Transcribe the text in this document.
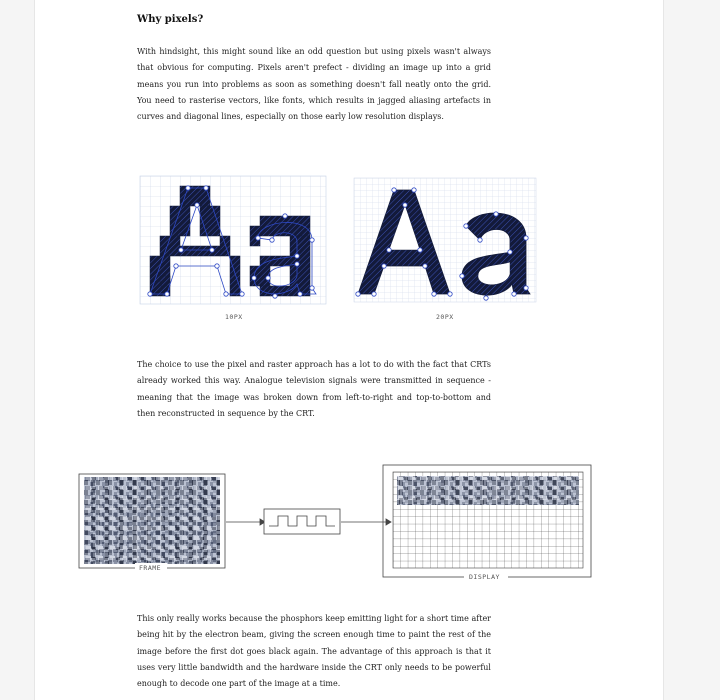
Why pixels?

With hindsight, this might sound like an odd question but using pixels wasn't always that obvious for computing. Pixels aren't prefect - dividing an image up into a grid means you run into problems as soon as something doesn't fall neatly onto the grid. You need to rasterise vectors, like fonts, which results in jagged aliasing artefacts in curves and diagonal lines, especially on those early low resolution displays.

10PX	20PX

The choice to use the pixel and raster approach has a lot to do with the fact that CRTs already worked this way. Analogue television signals were transmitted in sequence - meaning that the image was broken down from left-to-right and top-to-bottom and then reconstructed in sequence by the CRT.

FRAME
DISPLAY

This only really works because the phosphors keep emitting light for a short time after being hit by the electron beam, giving the screen enough time to paint the rest of the image before the first dot goes black again. The advantage of this approach is that it uses very little bandwidth and the hardware inside the CRT only needs to be powerful enough to decode one part of the image at a time.
